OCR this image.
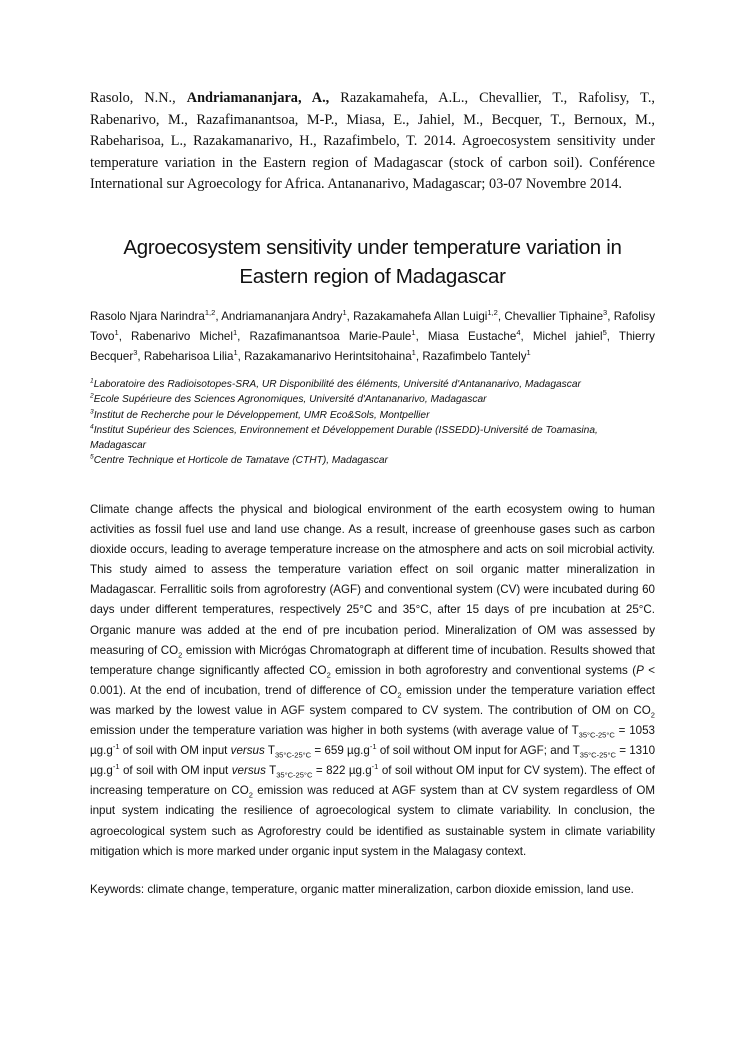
Rasolo, N.N., Andriamananjara, A., Razakamahefa, A.L., Chevallier, T., Rafolisy, T., Rabenarivo, M., Razafimanantsoa, M-P., Miasa, E., Jahiel, M., Becquer, T., Bernoux, M., Rabeharisoa, L., Razakamanarivo, H., Razafimbelo, T. 2014. Agroecosystem sensitivity under temperature variation in the Eastern region of Madagascar (stock of carbon soil). Conférence International sur Agroecology for Africa. Antananarivo, Madagascar; 03-07 Novembre 2014.
Agroecosystem sensitivity under temperature variation in
Eastern region of Madagascar
Rasolo Njara Narindra$^{1,2}$, Andriamananjara Andry$^1$, Razakamahefa Allan Luigi$^{1,2}$, Chevallier Tiphaine$^3$, Rafolisy Tovo$^1$, Rabenarivo Michel$^1$, Razafimanantsoa Marie-Paule$^1$, Miasa Eustache$^4$, Michel jahiel$^5$, Thierry Becquer$^3$, Rabeharisoa Lilia$^1$, Razakamanarivo Herintsitohaina$^1$, Razafimbelo Tantely$^1$
$^1$Laboratoire des Radioisotopes-SRA, UR Disponibilité des éléments, Université d'Antananarivo, Madagascar
$^2$Ecole Supérieure des Sciences Agronomiques, Université d'Antananarivo, Madagascar
$^3$Institut de Recherche pour le Développement, UMR Eco&Sols, Montpellier
$^4$Institut Supérieur des Sciences, Environnement et Développement Durable (ISSEDD)-Université de Toamasina, Madagascar
$^5$Centre Technique et Horticole de Tamatave (CTHT), Madagascar

Climate change affects the physical and biological environment of the earth ecosystem owing to human activities as fossil fuel use and land use change. As a result, increase of greenhouse gases such as carbon dioxide occurs, leading to average temperature increase on the atmosphere and acts on soil microbial activity. This study aimed to assess the temperature variation effect on soil organic matter mineralization in Madagascar. Ferrallitic soils from agroforestry (AGF) and conventional system (CV) were incubated during 60 days under different temperatures, respectively 25°C and 35°C, after 15 days of pre incubation at 25°C. Organic manure was added at the end of pre incubation period. Mineralization of OM was assessed by measuring of $CO_2$ emission with Micrógas Chromatograph at different time of incubation. Results showed that temperature change significantly affected $CO_2$ emission in both agroforestry and conventional systems (P < 0.001). At the end of incubation, trend of difference of $CO_2$ emission under the temperature variation effect was marked by the lowest value in AGF system compared to CV system. The contribution of OM on $CO_2$ emission under the temperature variation was higher in both systems (with average value of $T_{35^\circ C-25^\circ C} = 1053$ $\mu g.g^{-1}$ of soil with OM input versus $T_{35^\circ C-25^\circ C} = 659$ $\mu g.g^{-1}$ of soil without OM input for AGF; and $T_{35^\circ C-25^\circ C} = 1310$ $\mu g.g^{-1}$ of soil with OM input versus $T_{35^\circ C-25^\circ C} = 822$ $\mu g.g^{-1}$ of soil without OM input for CV system). The effect of increasing temperature on $CO_2$ emission was reduced at AGF system than at CV system regardless of OM input system indicating the resilience of agroecological system to climate variability. In conclusion, the agroecological system such as Agroforestry could be identified as sustainable system in climate variability mitigation which is more marked under organic input system in the Malagasy context.

Keywords: climate change, temperature, organic matter mineralization, carbon dioxide emission, land use.
